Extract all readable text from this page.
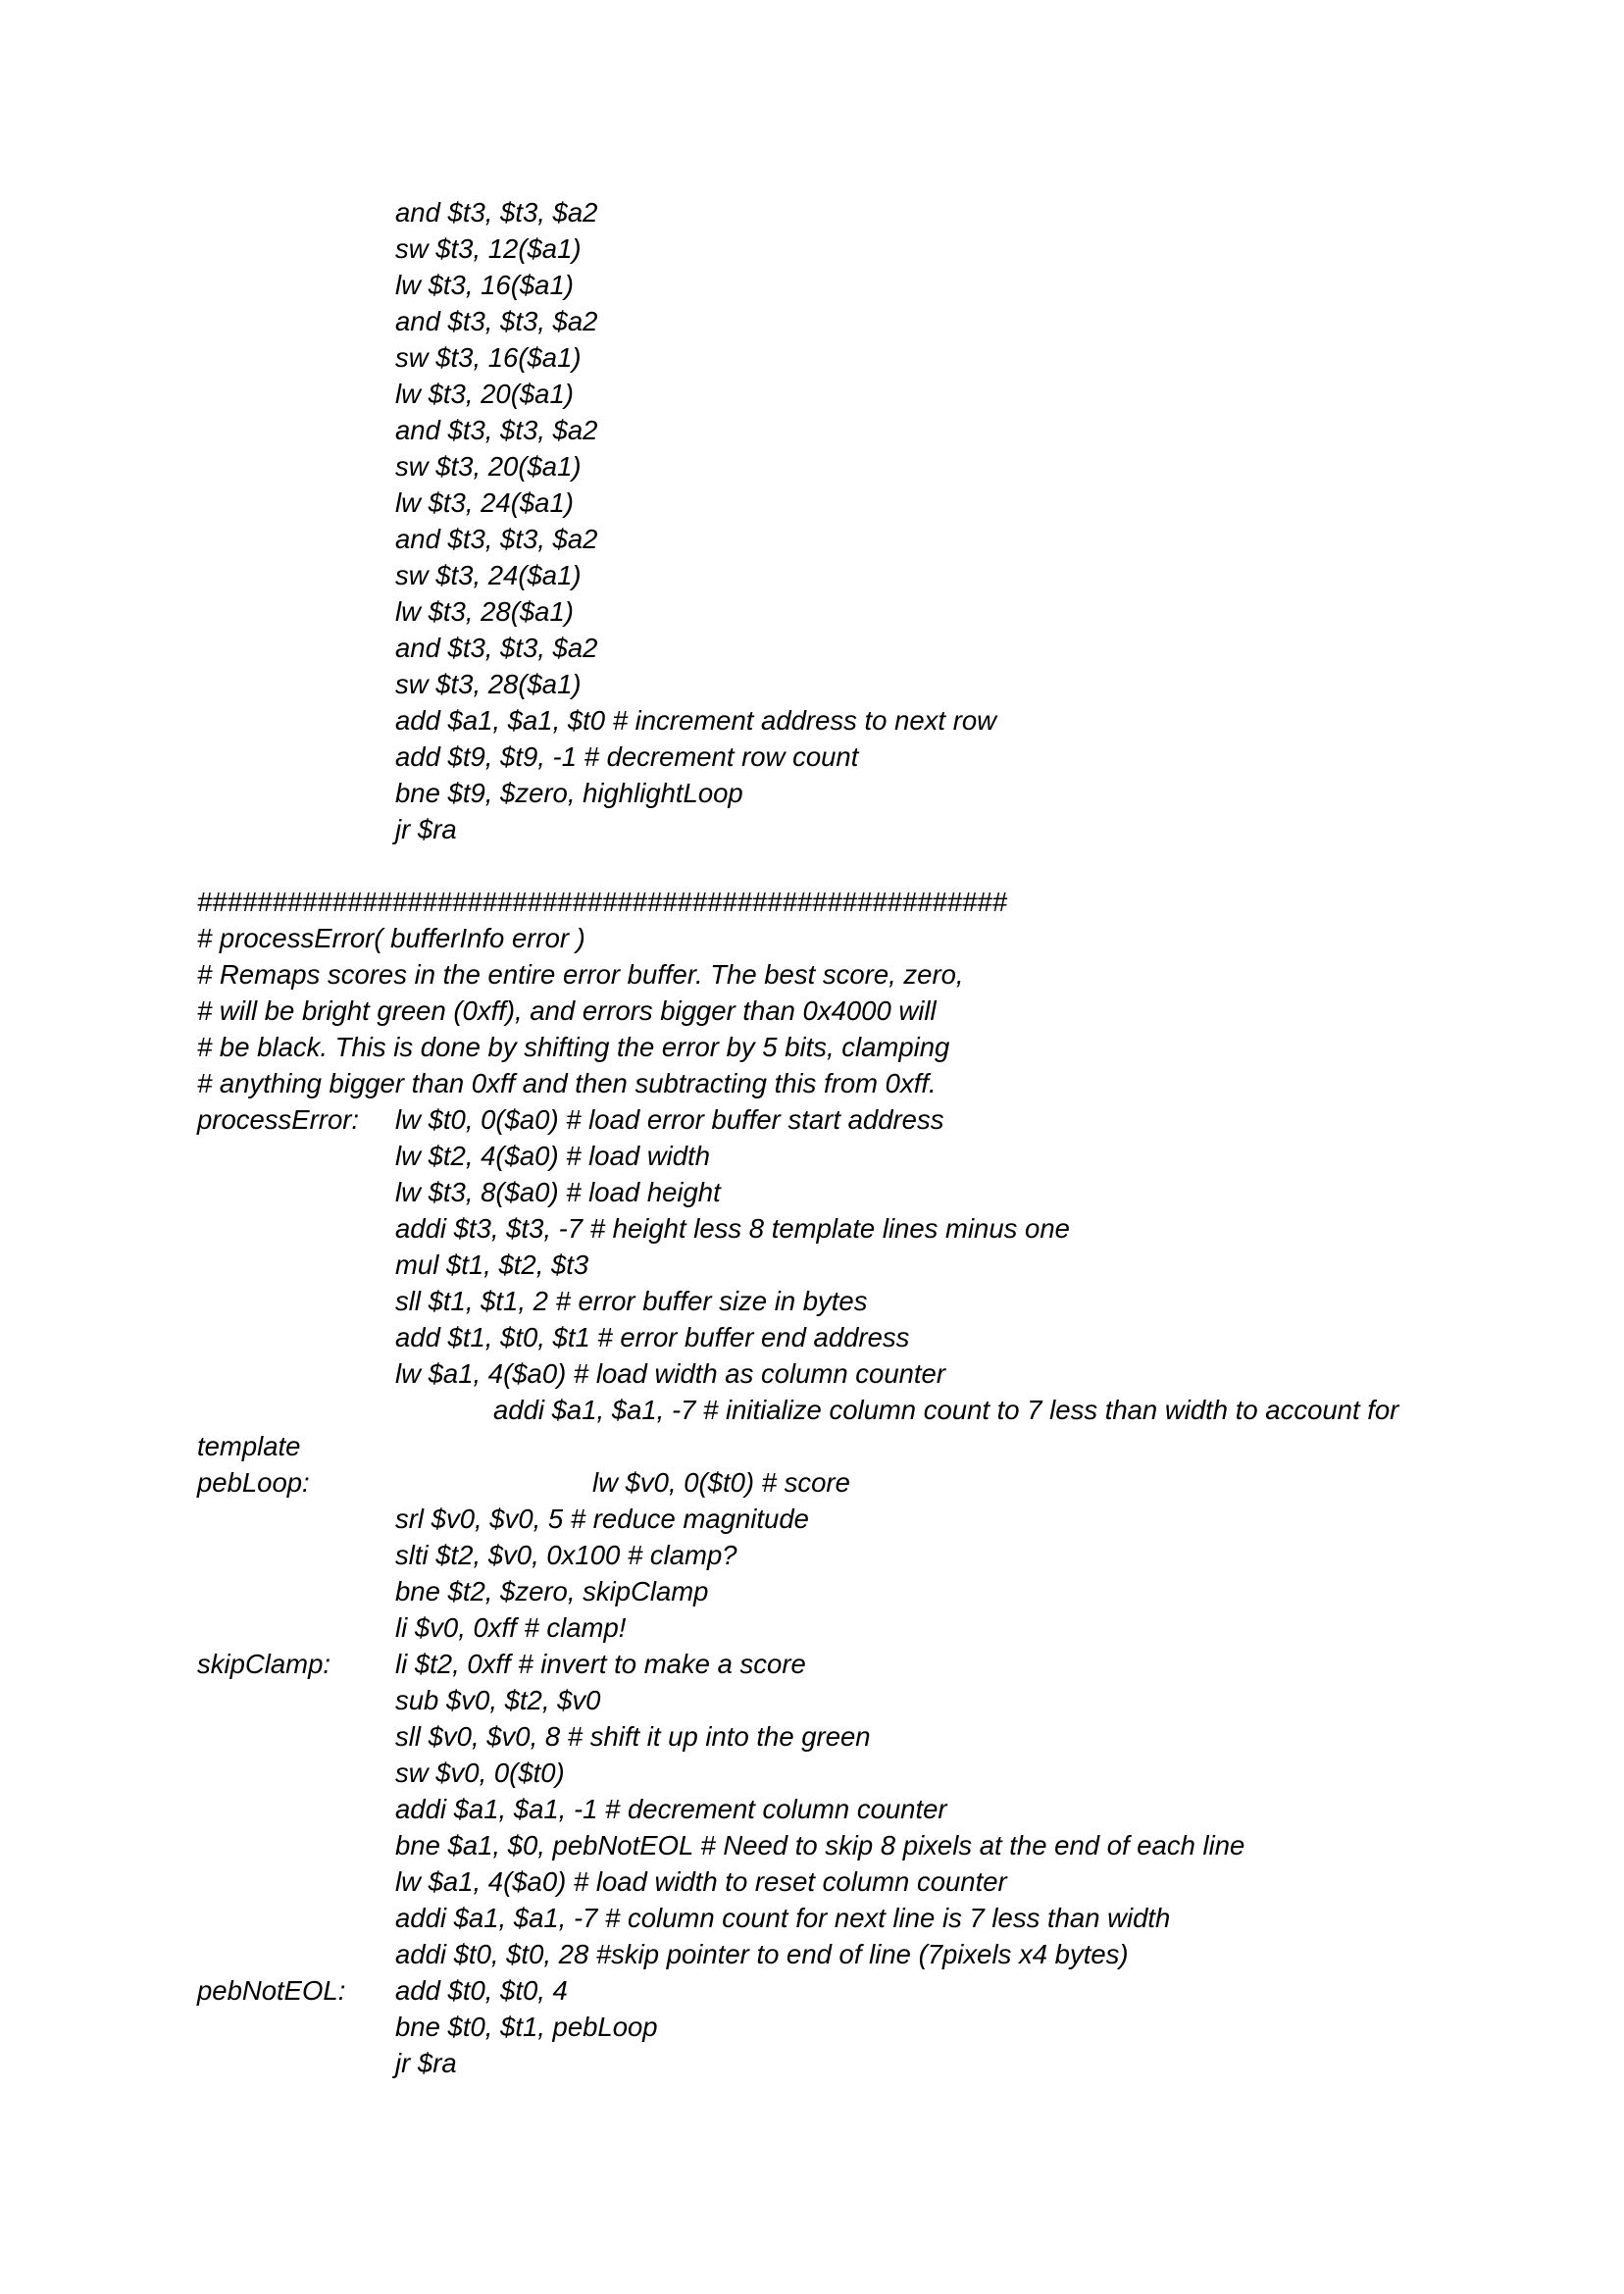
and $t3, $t3, $a2
sw $t3, 12($a1)
lw $t3, 16($a1)
and $t3, $t3, $a2
sw $t3, 16($a1)
lw $t3, 20($a1)
and $t3, $t3, $a2
sw $t3, 20($a1)
lw $t3, 24($a1)
and $t3, $t3, $a2
sw $t3, 24($a1)
lw $t3, 28($a1)
and $t3, $t3, $a2
sw $t3, 28($a1)
add $a1, $a1, $t0 # increment address to next row
add $t9, $t9, -1 # decrement row count
bne $t9, $zero, highlightLoop
jr $ra
######################################################
# processError( bufferInfo error )
# Remaps scores in the entire error buffer. The best score, zero,
# will be bright green (0xff), and errors bigger than 0x4000 will
# be black. This is done by shifting the error by 5 bits, clamping
# anything bigger than 0xff and then subtracting this from 0xff.
processError: lw $t0, 0($a0) # load error buffer start address
lw $t2, 4($a0) # load width
lw $t3, 8($a0) # load height
addi $t3, $t3, -7 # height less 8 template lines minus one
mul $t1, $t2, $t3
sll $t1, $t1, 2 # error buffer size in bytes
add $t1, $t0, $t1 # error buffer end address
lw $a1, 4($a0) # load width as column counter
addi $a1, $a1, -7 # initialize column count to 7 less than width to account for
template
pebLoop:	lw $v0, 0($t0) # score
srl $v0, $v0, 5 # reduce magnitude
slti $t2, $v0, 0x100 # clamp?
bne $t2, $zero, skipClamp
li $v0, 0xff # clamp!
skipClamp: li $t2, 0xff # invert to make a score
sub $v0, $t2, $v0
sll $v0, $v0, 8 # shift it up into the green
sw $v0, 0($t0)
addi $a1, $a1, -1 # decrement column counter
bne $a1, $0, pebNotEOL # Need to skip 8 pixels at the end of each line
lw $a1, 4($a0) # load width to reset column counter
addi $a1, $a1, -7 # column count for next line is 7 less than width
addi $t0, $t0, 28 #skip pointer to end of line (7pixels x4 bytes)
pebNotEOL: add $t0, $t0, 4
bne $t0, $t1, pebLoop
jr $ra
